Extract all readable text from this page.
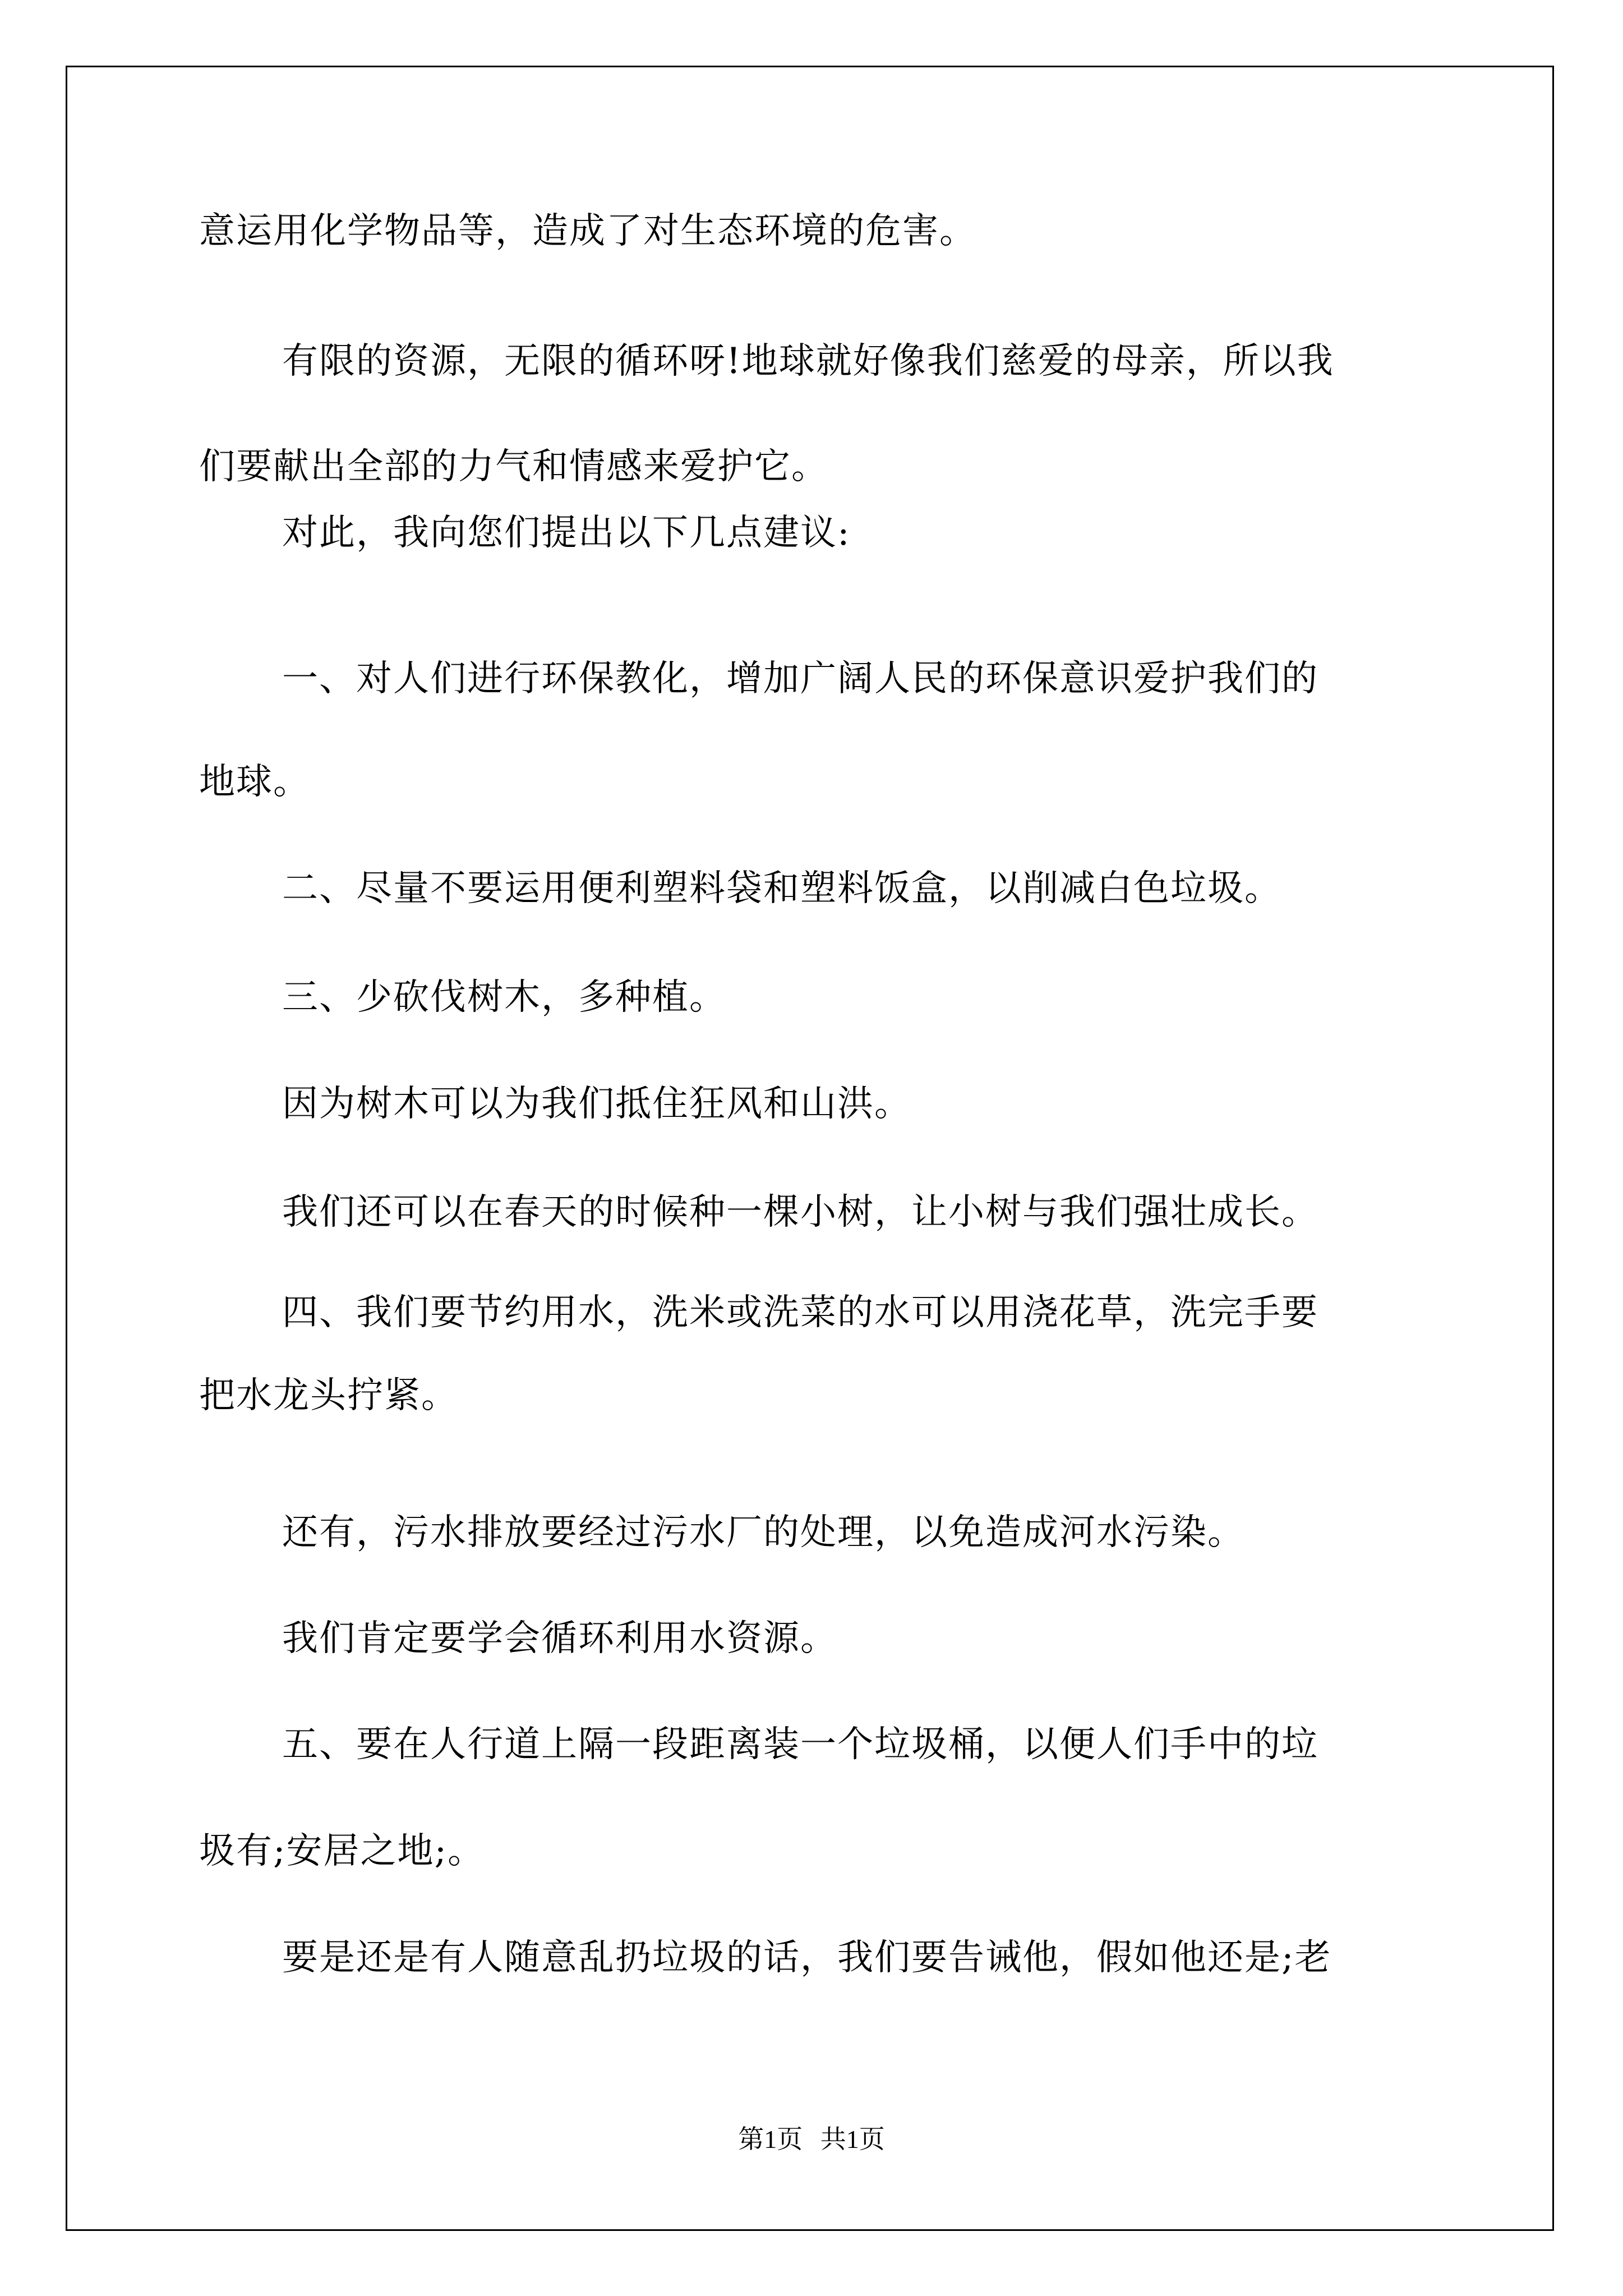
意运用化学物品等，造成了对生态环境的危害。
有限的资源，无限的循环呀!地球就好像我们慈爱的母亲，所以我
们要献出全部的力气和情感来爱护它。
对此，我向您们提出以下几点建议:
一、对人们进行环保教化，增加广阔人民的环保意识爱护我们的
地球。
二、尽量不要运用便利塑料袋和塑料饭盒，以削减白色垃圾。
三、少砍伐树木，多种植。
因为树木可以为我们抵住狂风和山洪。
我们还可以在春天的时候种一棵小树，让小树与我们强壮成长。
四、我们要节约用水，洗米或洗菜的水可以用浇花草，洗完手要
把水龙头拧紧。
还有，污水排放要经过污水厂的处理，以免造成河水污染。
我们肯定要学会循环利用水资源。
五、要在人行道上隔一段距离装一个垃圾桶，以便人们手中的垃
圾有;安居之地;。
要是还是有人随意乱扔垃圾的话，我们要告诫他，假如他还是;老
第1页 共1页
